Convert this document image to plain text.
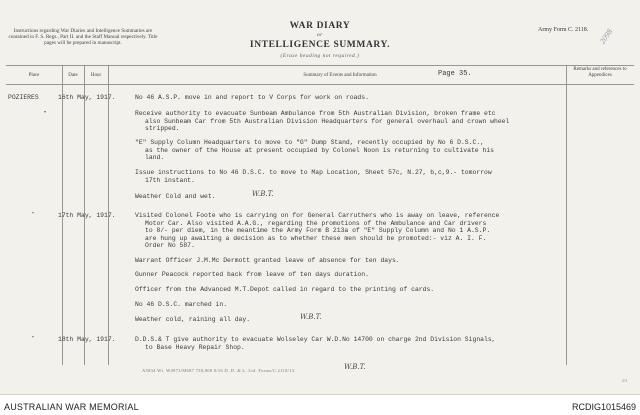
Instructions regarding War Diaries and Intelligence Summaries are contained in F. S. Regs., Part II. and the Staff Manual respectively. Title pages will be prepared in manuscript.
WAR DIARY
or
INTELLIGENCE SUMMARY.
(Erase heading not required.)
Army Form C. 2118. 2098
Place	Date	Hour	Summary of Events and Information
Remarks and references to Appendices
Page 35.
POZIERES	16th May, 1917.	No 46 A.S.P. move in and report to V Corps for work on roads.
•	Receive authority to evacuate Sunbeam Ambulance from 5th Australian Division, broken frame etc
also Sunbeam Car from 5th Australian Division Headquarters for general overhaul and crown wheel
stripped.
"E" Supply Column Headquarters to move to "G" Dump Stand, recently occupied by No 6 D.S.C.,
as the owner of the House at present occupied by Colonel Noon is returning to cultivate his
land.
Issue instructions to No 46 D.S.C. to move to Map Location, Sheet 57c, N.27, b,c,9.- tomorrow
17th instant.
Weather Cold and wet.	W.B.T.
"	17th May, 1917.	Visited Colonel Foote who is carrying on for General Carruthers who is away on leave, reference
Motor Car. Also visited A.A.G., regarding the promotions of the Ambulance and Car drivers
to 8/- per diem, in the meantime the Army Form B 213a of "E" Supply Column and No 1 A.S.P.
are hung up awaiting a decision as to whether these men should be promoted:- viz A. I. F.
Order No 587.
Warrant Officer J.M.Mc Dermott granted leave of absence for ten days.
Gunner Peacock reported back from leave of ten days duration.
Officer from the Advanced M.T.Depot called in regard to the printing of cards.
No 46 D.S.C. marched in.
Weather cold, raining all day.	W.B.T.
"	18th May, 1917.	D.D.S.& T give authority to evacuate Wolseley Car W.D.No 14700 on charge 2nd Division Signals,
to Base Heavy Repair Shop.
A5834 Wt. W4973/M687 750,000 8/16 D. D. & L. Ltd. Forms/C.2118/13.	W.B.T.
2/3
AUSTRALIAN WAR MEMORIAL	RCDIG1015469
